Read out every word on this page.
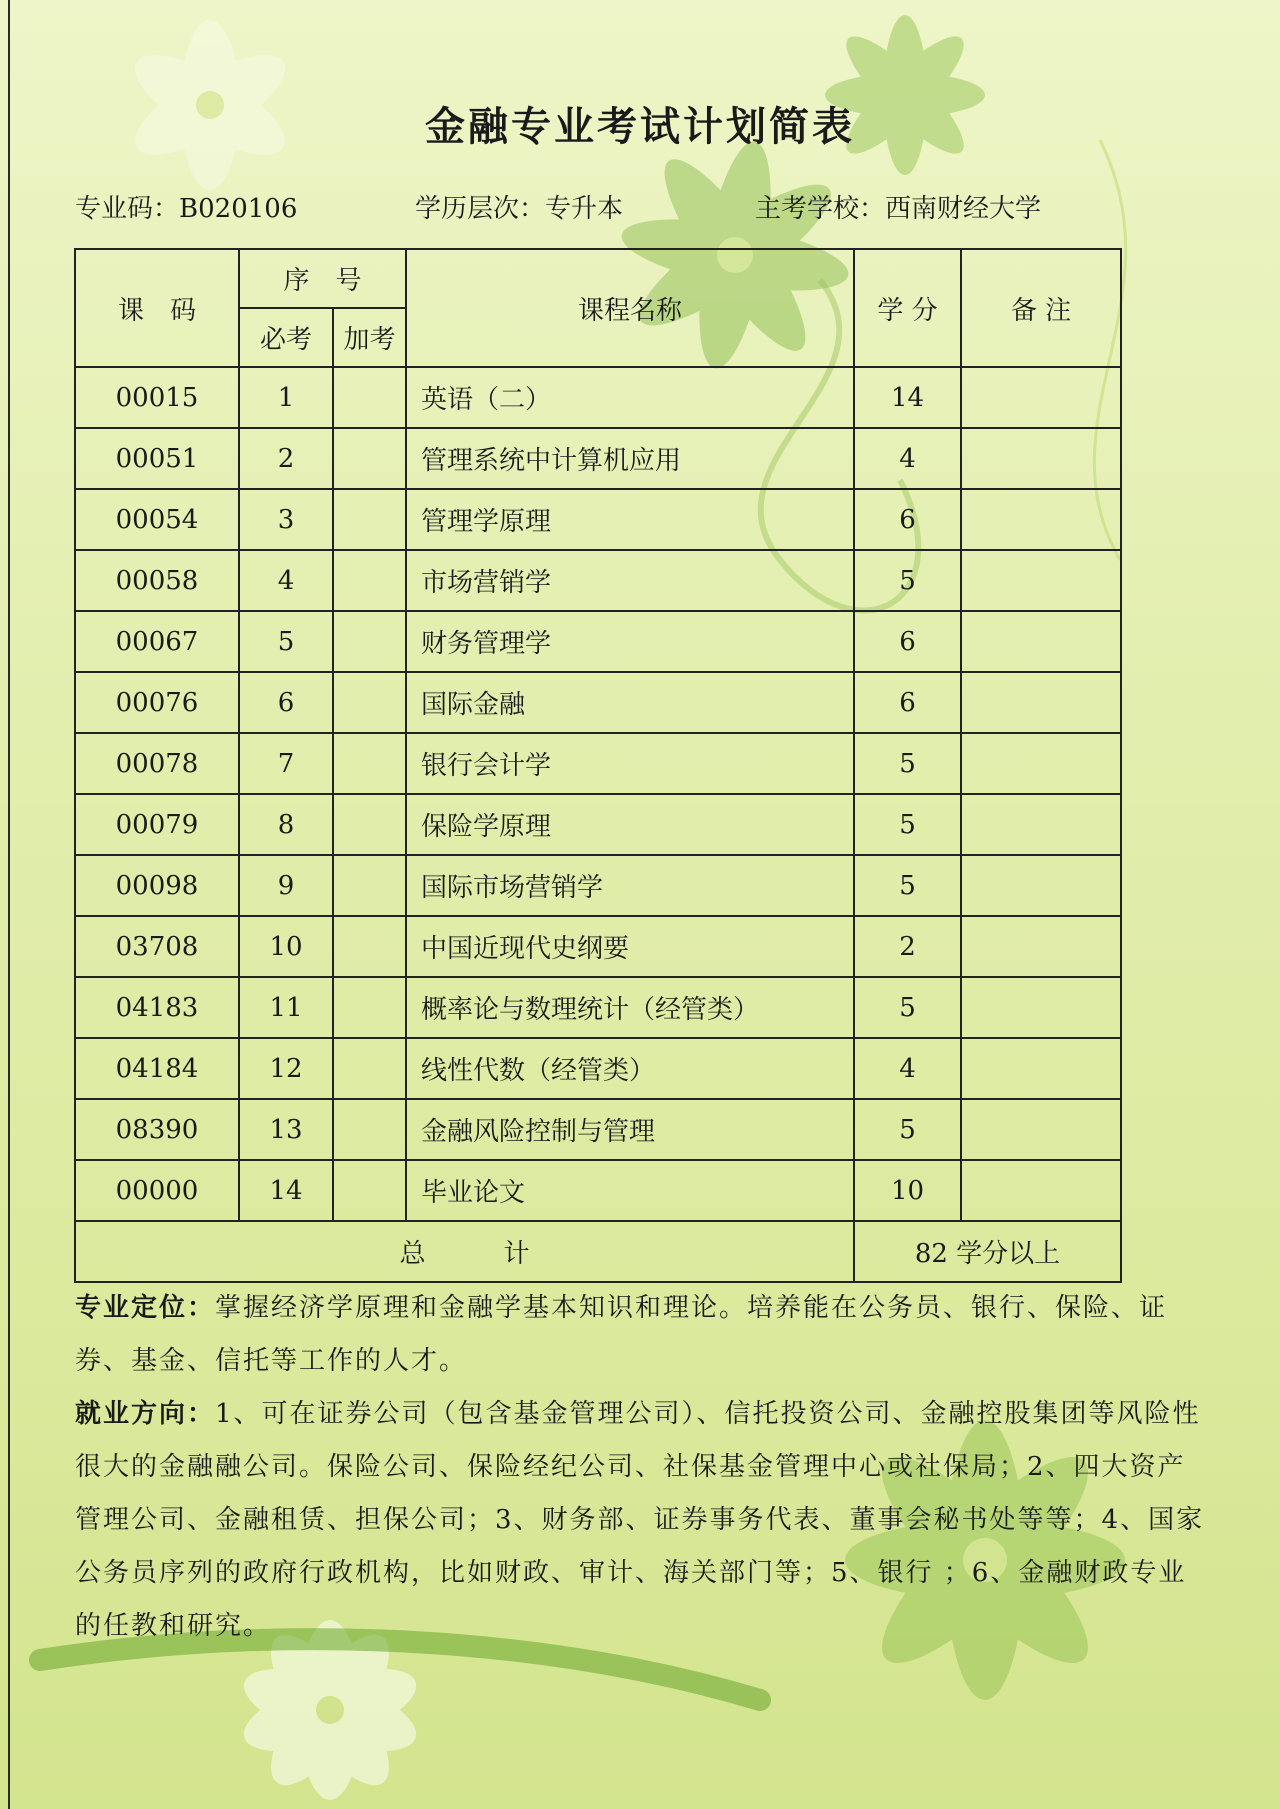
金融专业考试计划简表
专业码：B020106	学历层次：专升本	主考学校：西南财经大学
课　码	序　号		课程名称	学 分	备 注
	必考	加考			
00015	1		英语（二）	14	
00051	2		管理系统中计算机应用	4	
00054	3		管理学原理	6	
00058	4		市场营销学	5	
00067	5		财务管理学	6	
00076	6		国际金融	6	
00078	7		银行会计学	5	
00079	8		保险学原理	5	
00098	9		国际市场营销学	5	
03708	10		中国近现代史纲要	2	
04183	11		概率论与数理统计（经管类）	5	
04184	12		线性代数（经管类）	4	
08390	13		金融风险控制与管理	5	
00000	14		毕业论文	10	
总　　　计				82 学分以上	

专业定位：掌握经济学原理和金融学基本知识和理论。培养能在公务员、银行、保险、证券、基金、信托等工作的人才。

就业方向：1、可在证券公司（包含基金管理公司）、信托投资公司、金融控股集团等风险性很大的金融融公司。保险公司、保险经纪公司、社保基金管理中心或社保局；2、四大资产管理公司、金融租赁、担保公司；3、财务部、证券事务代表、董事会秘书处等等；4、国家公务员序列的政府行政机构，比如财政、审计、海关部门等；5、银行 ；6、金融财政专业的任教和研究。
